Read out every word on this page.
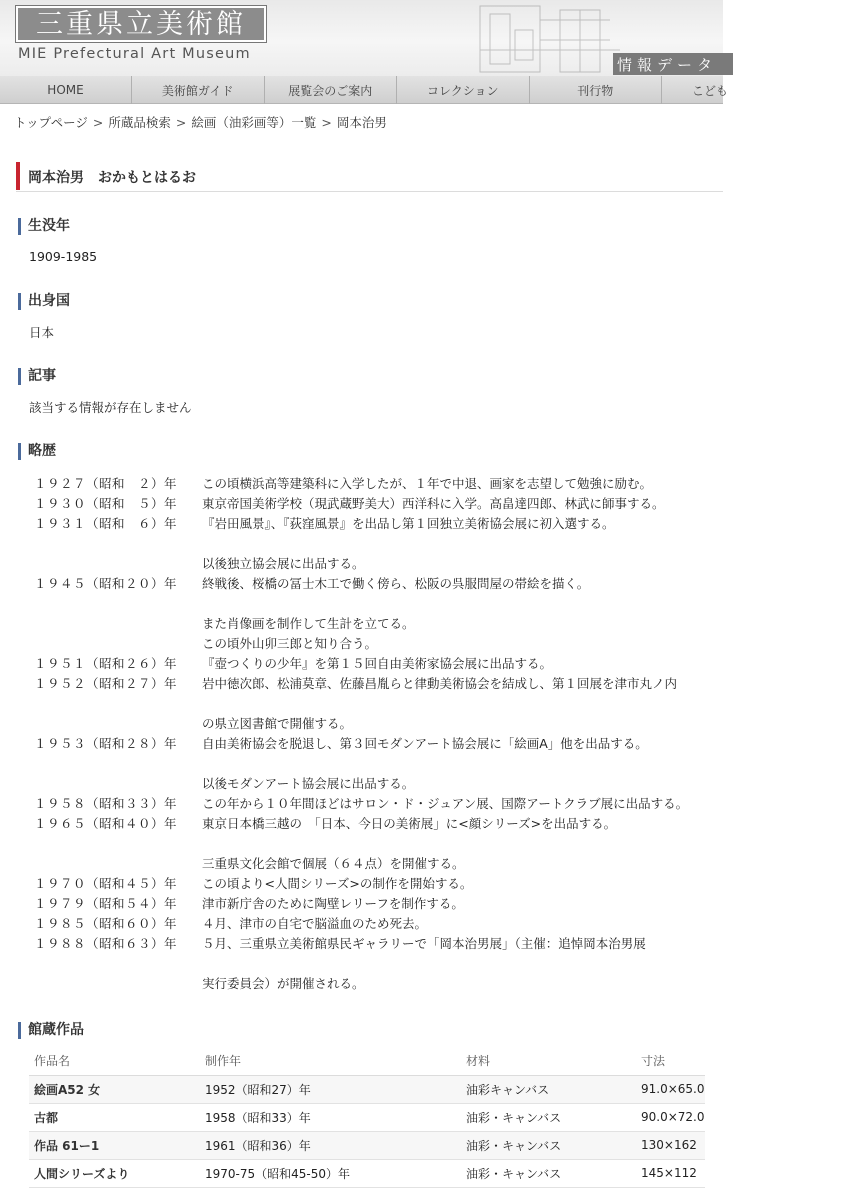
三重県立美術館
MIE Prefectural Art Museum
情 報 デ ー タ
HOME	美術館ガイド	展覧会のご案内	コレクション	刊行物	こども
トップページ > 所蔵品検索 > 絵画（油彩画等）一覧 > 岡本治男
岡本治男　おかもとはるお
生没年
1909-1985
出身国
日本
記事
該当する情報が存在しません
略歴
１９２７（昭和　２）年 この頃横浜高等建築科に入学したが、１年で中退、画家を志望して勉強に励む。
１９３０（昭和　５）年 東京帝国美術学校（現武蔵野美大）西洋科に入学。高畠達四郎、林武に師事する。
１９３１（昭和　６）年 『岩田風景』、『荻窪風景』を出品し第１回独立美術協会展に初入選する。
以後独立協会展に出品する。
１９４５（昭和２０）年 終戦後、桜橋の冨士木工で働く傍ら、松阪の呉服問屋の帯絵を描く。
また肖像画を制作して生計を立てる。
この頃外山卯三郎と知り合う。
１９５１（昭和２６）年 『壺つくりの少年』を第１５回自由美術家協会展に出品する。
１９５２（昭和２７）年 岩中徳次郎、松浦莫章、佐藤昌胤らと律動美術協会を結成し、第１回展を津市丸ノ内
の県立図書館で開催する。
１９５３（昭和２８）年 自由美術協会を脱退し、第３回モダンアート協会展に「絵画A」他を出品する。
以後モダンアート協会展に出品する。
１９５８（昭和３３）年 この年から１０年間ほどはサロン・ド・ジュアン展、国際アートクラブ展に出品する。
１９６５（昭和４０）年 東京日本橋三越の　「日本、今日の美術展」に<顔シリーズ>を出品する。
三重県文化会館で個展（６４点）を開催する。
１９７０（昭和４５）年 この頃より<人間シリーズ>の制作を開始する。
１９７９（昭和５４）年 津市新庁舎のために陶壁レリーフを制作する。
１９８５（昭和６０）年 ４月、津市の自宅で脳溢血のため死去。
１９８８（昭和６３）年 ５月、三重県立美術館県民ギャラリーで「岡本治男展」（主催：追悼岡本治男展
実行委員会）が開催される。
館蔵作品
作品名	制作年	材料	寸法
絵画A52 女	1952（昭和27）年	油彩キャンバス	91.0×65.0
古都	1958（昭和33）年	油彩・キャンバス	90.0×72.0
作品 61ー1	1961（昭和36）年	油彩・キャンバス	130×162
人間シリーズより	1970-75（昭和45-50）年	油彩・キャンバス	145×112
